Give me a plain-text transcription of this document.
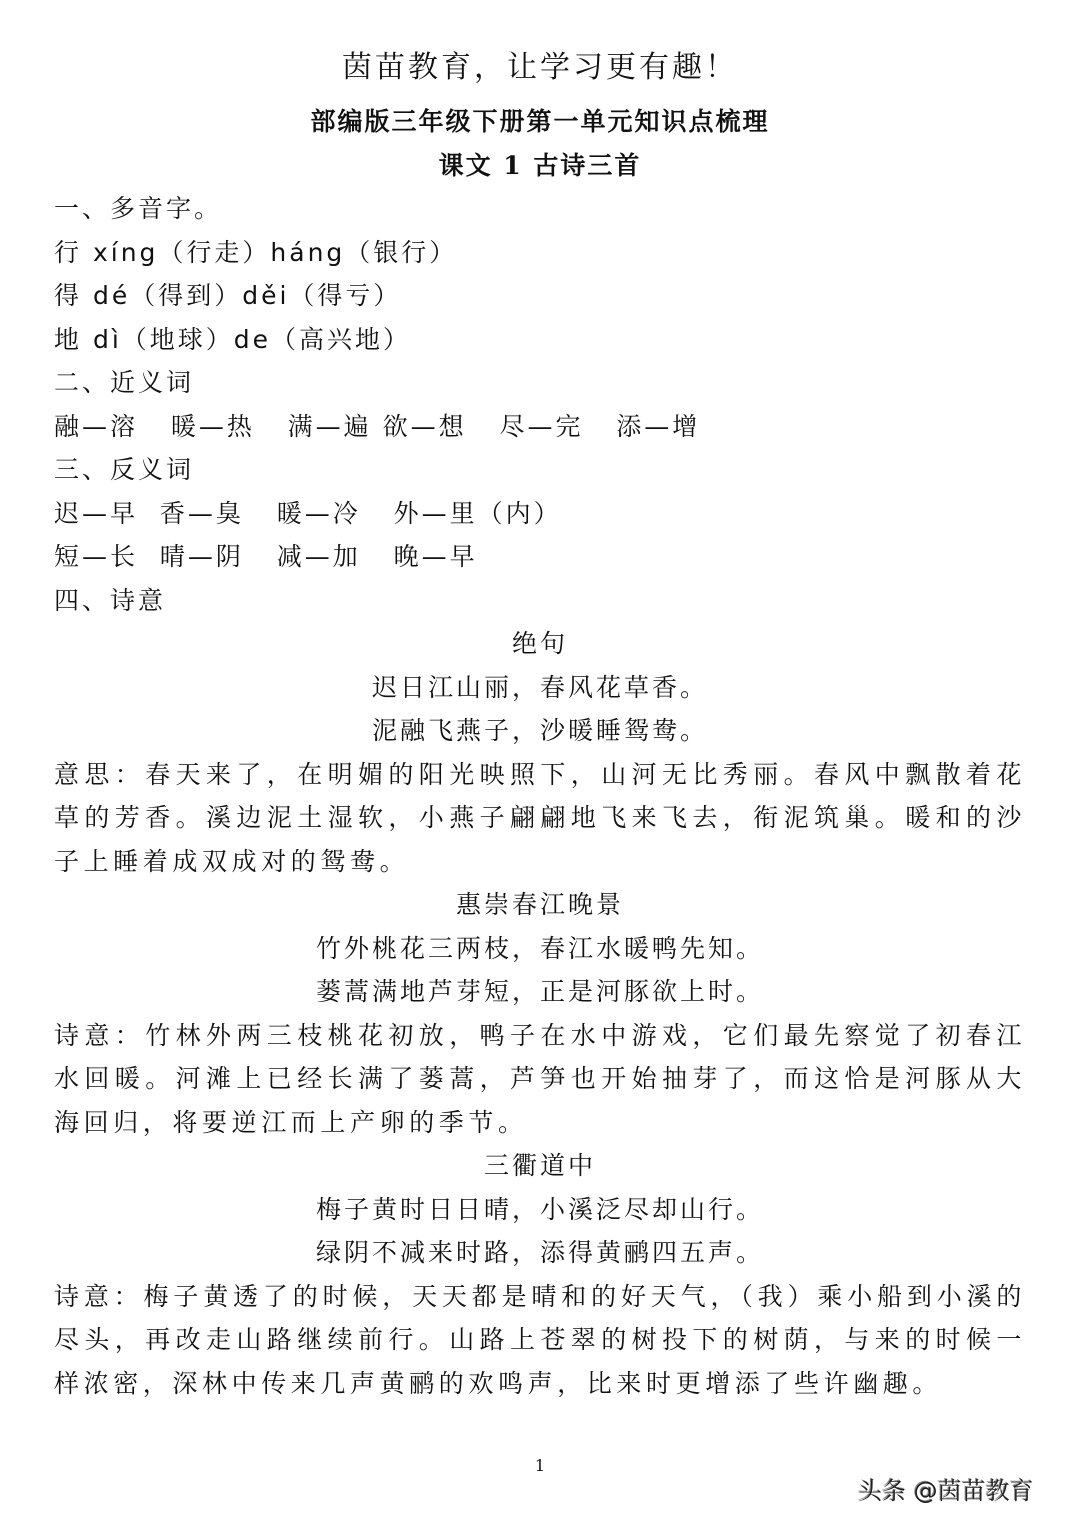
茵苗教育，让学习更有趣！
部编版三年级下册第一单元知识点梳理
课文 1 古诗三首
一、多音字。
行 xíng（行走）háng（银行）
得 dé（得到）děi（得亏）
地 dì（地球）de（高兴地）
二、近义词
融—溶   暖—热   满—遍 欲—想   尽—完   添—增
三、反义词
迟—早  香—臭   暖—冷   外—里（内）
短—长  晴—阴   减—加   晚—早
四、诗意
绝句
迟日江山丽，春风花草香。
泥融飞燕子，沙暖睡鸳鸯。
意思：春天来了，在明媚的阳光映照下，山河无比秀丽。春风中飘散着花草的芳香。溪边泥土湿软，小燕子翩翩地飞来飞去，衔泥筑巢。暖和的沙子上睡着成双成对的鸳鸯。
惠崇春江晚景
竹外桃花三两枝，春江水暖鸭先知。
蒌蒿满地芦芽短，正是河豚欲上时。
诗意：竹林外两三枝桃花初放，鸭子在水中游戏，它们最先察觉了初春江水回暖。河滩上已经长满了蒌蒿，芦笋也开始抽芽了，而这恰是河豚从大海回归，将要逆江而上产卵的季节。
三衢道中
梅子黄时日日晴，小溪泛尽却山行。
绿阴不减来时路，添得黄鹂四五声。
诗意：梅子黄透了的时候，天天都是晴和的好天气，（我）乘小船到小溪的尽头，再改走山路继续前行。山路上苍翠的树投下的树荫，与来的时候一样浓密，深林中传来几声黄鹂的欢鸣声，比来时更增添了些许幽趣。
1
头条 @茵苗教育
